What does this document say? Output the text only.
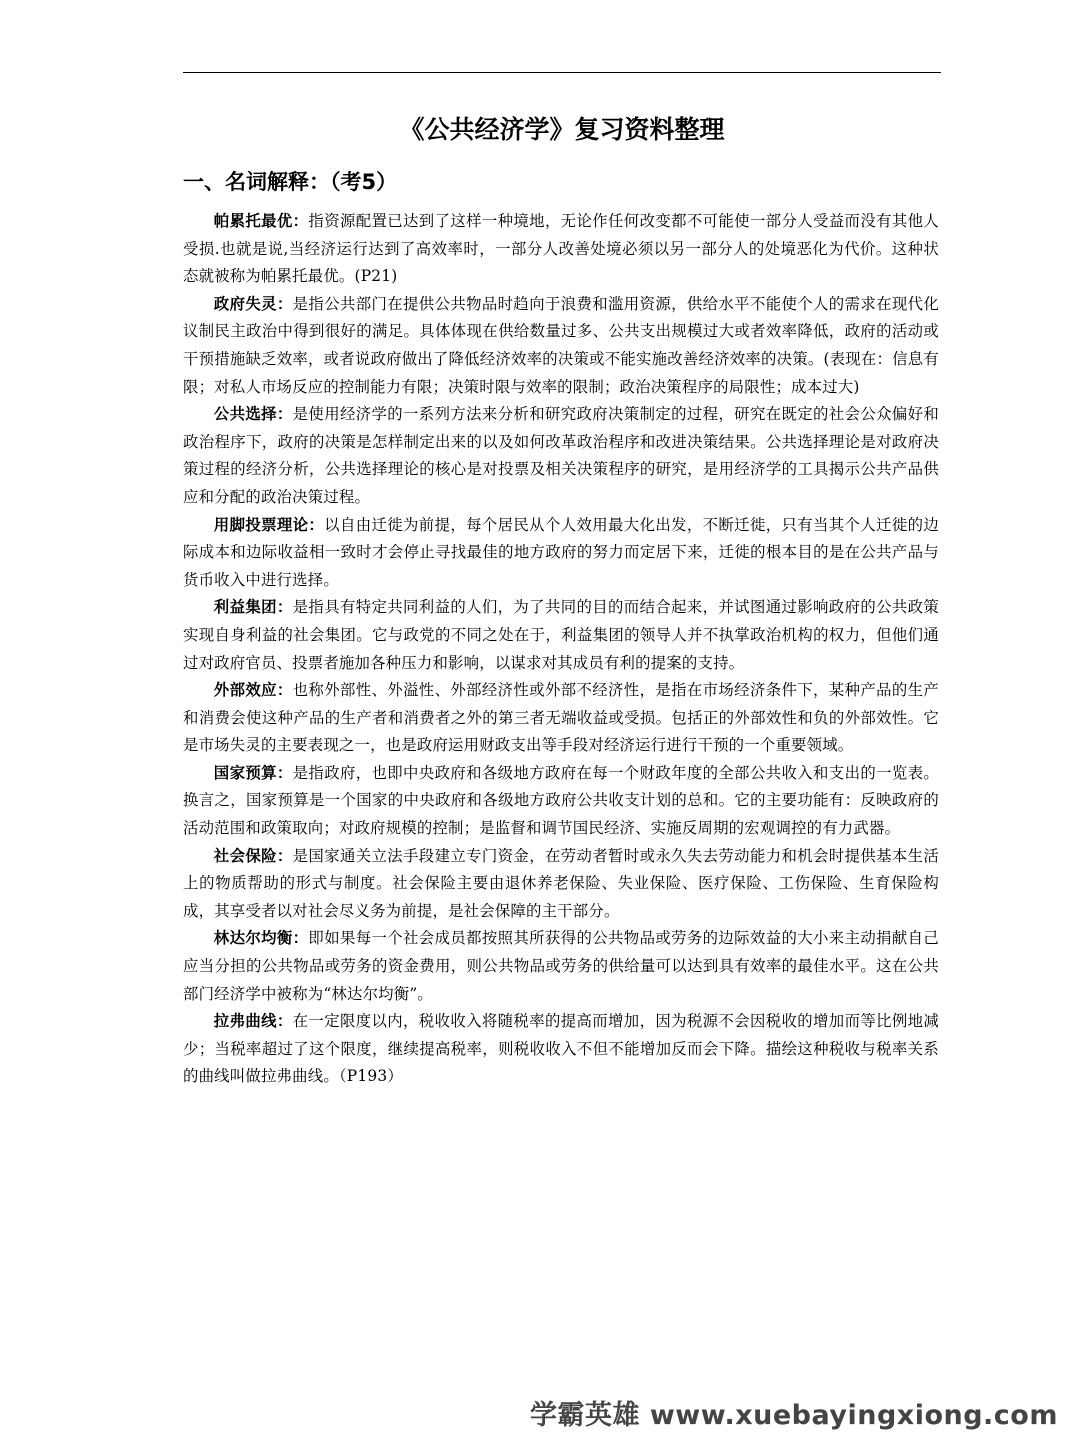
《公共经济学》复习资料整理
一、名词解释：（考5）

帕累托最优：指资源配置已达到了这样一种境地，无论作任何改变都不可能使一部分人受益而没有其他人受损.也就是说,当经济运行达到了高效率时，一部分人改善处境必须以另一部分人的处境恶化为代价。这种状态就被称为帕累托最优。(P21)

政府失灵：是指公共部门在提供公共物品时趋向于浪费和滥用资源，供给水平不能使个人的需求在现代化议制民主政治中得到很好的满足。具体体现在供给数量过多、公共支出规模过大或者效率降低，政府的活动或干预措施缺乏效率，或者说政府做出了降低经济效率的决策或不能实施改善经济效率的决策。(表现在：信息有限；对私人市场反应的控制能力有限；决策时限与效率的限制；政治决策程序的局限性；成本过大)

公共选择：是使用经济学的一系列方法来分析和研究政府决策制定的过程，研究在既定的社会公众偏好和政治程序下，政府的决策是怎样制定出来的以及如何改革政治程序和改进决策结果。公共选择理论是对政府决策过程的经济分析，公共选择理论的核心是对投票及相关决策程序的研究，是用经济学的工具揭示公共产品供应和分配的政治决策过程。

用脚投票理论：以自由迁徙为前提，每个居民从个人效用最大化出发，不断迁徙，只有当其个人迁徙的边际成本和边际收益相一致时才会停止寻找最佳的地方政府的努力而定居下来，迁徙的根本目的是在公共产品与货币收入中进行选择。

利益集团：是指具有特定共同利益的人们，为了共同的目的而结合起来，并试图通过影响政府的公共政策实现自身利益的社会集团。它与政党的不同之处在于，利益集团的领导人并不执掌政治机构的权力，但他们通过对政府官员、投票者施加各种压力和影响，以谋求对其成员有利的提案的支持。

外部效应：也称外部性、外溢性、外部经济性或外部不经济性，是指在市场经济条件下，某种产品的生产和消费会使这种产品的生产者和消费者之外的第三者无端收益或受损。包括正的外部效性和负的外部效性。它是市场失灵的主要表现之一，也是政府运用财政支出等手段对经济运行进行干预的一个重要领域。

国家预算：是指政府，也即中央政府和各级地方政府在每一个财政年度的全部公共收入和支出的一览表。换言之，国家预算是一个国家的中央政府和各级地方政府公共收支计划的总和。它的主要功能有：反映政府的活动范围和政策取向；对政府规模的控制；是监督和调节国民经济、实施反周期的宏观调控的有力武器。

社会保险：是国家通关立法手段建立专门资金，在劳动者暂时或永久失去劳动能力和机会时提供基本生活上的物质帮助的形式与制度。社会保险主要由退休养老保险、失业保险、医疗保险、工伤保险、生育保险构成，其享受者以对社会尽义务为前提，是社会保障的主干部分。

林达尔均衡：即如果每一个社会成员都按照其所获得的公共物品或劳务的边际效益的大小来主动捐献自己应当分担的公共物品或劳务的资金费用，则公共物品或劳务的供给量可以达到具有效率的最佳水平。这在公共部门经济学中被称为“林达尔均衡”。

拉弗曲线：在一定限度以内，税收收入将随税率的提高而增加，因为税源不会因税收的增加而等比例地减少；当税率超过了这个限度，继续提高税率，则税收收入不但不能增加反而会下降。描绘这种税收与税率关系的曲线叫做拉弗曲线。（P193）

学霸英雄 www.xuebayingxiong.com
